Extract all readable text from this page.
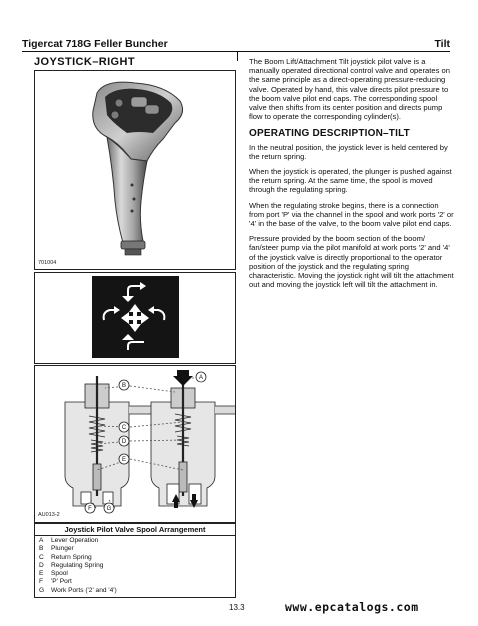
Tigercat 718G Feller Buncher	Tilt
JOYSTICK–RIGHT
701004
A
B
C
D
E
F G
AU013-2
Joystick Pilot Valve Spool Arrangement
A	Lever Operation
B	Plunger
C	Return Spring
D	Regulating Spring
E	Spool
F	'P' Port
G	Work Ports ('2' and '4')

The Boom Lift/Attachment Tilt joystick pilot valve is a manually operated directional control valve and operates on the same principle as a direct-operating pressure-reducing valve. Operated by hand, this valve directs pilot pressure to the boom valve pilot end caps. The corresponding spool valve then shifts from its center position and directs pump flow to operate the corresponding cylinder(s).

OPERATING DESCRIPTION–TILT

In the neutral position, the joystick lever is held centered by the return spring.

When the joystick is operated, the plunger is pushed against the return spring. At the same time, the spool is moved through the regulating spring.

When the regulating stroke begins, there is a connection from port 'P' via the channel in the spool and work ports '2' or '4' in the base of the valve, to the boom valve pilot end caps.

Pressure provided by the boom section of the boom/ fan/steer pump via the pilot manifold at work ports '2' and '4' of the joystick valve is directly proportional to the operator position of the joystick and the regulating spring characteristic. Moving the joystick right will tilt the attachment out and moving the joystick left will tilt the attachment in.

13.3	www.epcatalogs.com
